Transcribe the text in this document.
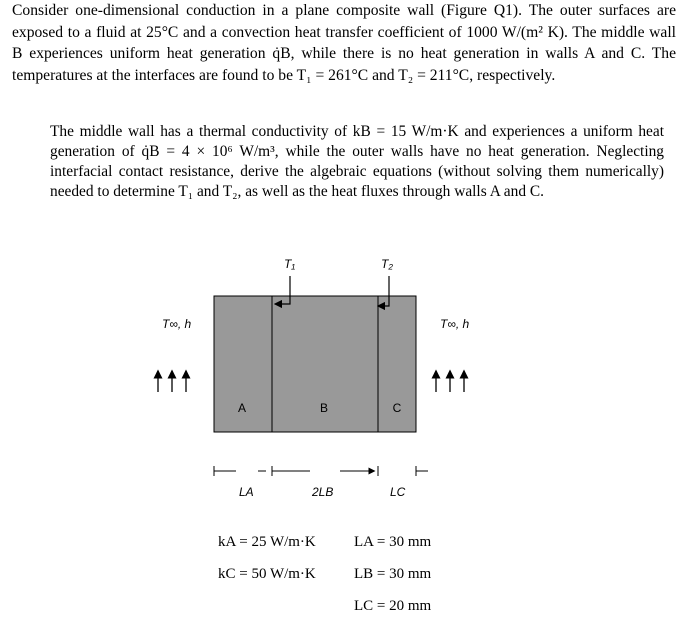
Consider one-dimensional conduction in a plane composite wall (Figure Q1). The outer surfaces are exposed to a fluid at 25°C and a convection heat transfer coefficient of 1000 W/(m² K). The middle wall B experiences uniform heat generation q̇B, while there is no heat generation in walls A and C. The temperatures at the interfaces are found to be T₁ = 261°C and T₂ = 211°C, respectively.
The middle wall has a thermal conductivity of kB = 15 W/m·K and experiences a uniform heat generation of q̇B = 4 × 10⁶ W/m³, while the outer walls have no heat generation. Neglecting interfacial contact resistance, derive the algebraic equations (without solving them numerically) needed to determine T₁ and T₂, as well as the heat fluxes through walls A and C.
A	B	C
T₁	T₂
T∞, h	T∞, h
LA	2LB	LC
kA = 25 W/m·K
kC = 50 W/m·K
LA = 30 mm
LB = 30 mm
LC = 20 mm
